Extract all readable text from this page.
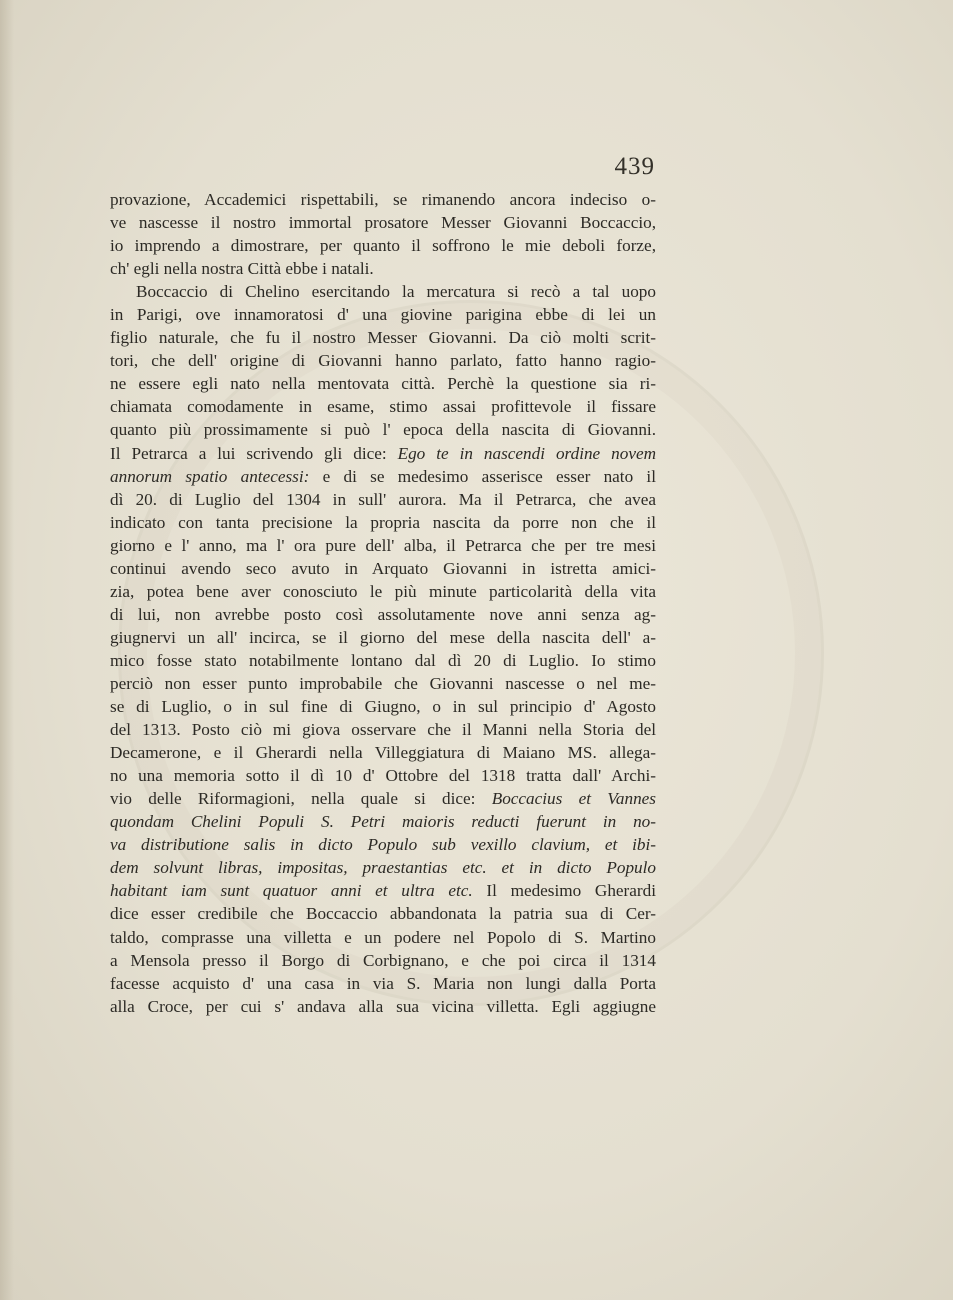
439
provazione, Accademici rispettabili, se rimanendo ancora indeciso o-
ve nascesse il nostro immortal prosatore Messer Giovanni Boccaccio,
io imprendo a dimostrare, per quanto il soffrono le mie deboli forze,
ch' egli nella nostra Città ebbe i natali.
Boccaccio di Chelino esercitando la mercatura si recò a tal uopo
in Parigi, ove innamoratosi d' una giovine parigina ebbe di lei un
figlio naturale, che fu il nostro Messer Giovanni. Da ciò molti scrit-
tori, che dell' origine di Giovanni hanno parlato, fatto hanno ragio-
ne essere egli nato nella mentovata città. Perchè la questione sia ri-
chiamata comodamente in esame, stimo assai profittevole il fissare
quanto più prossimamente si può l' epoca della nascita di Giovanni.
Il Petrarca a lui scrivendo gli dice: Ego te in nascendi ordine novem
annorum spatio antecessi: e di se medesimo asserisce esser nato il
dì 20. di Luglio del 1304 in sull' aurora. Ma il Petrarca, che avea
indicato con tanta precisione la propria nascita da porre non che il
giorno e l' anno, ma l' ora pure dell' alba, il Petrarca che per tre mesi
continui avendo seco avuto in Arquato Giovanni in istretta amici-
zia, potea bene aver conosciuto le più minute particolarità della vita
di lui, non avrebbe posto così assolutamente nove anni senza ag-
giugnervi un all' incirca, se il giorno del mese della nascita dell' a-
mico fosse stato notabilmente lontano dal dì 20 di Luglio. Io stimo
perciò non esser punto improbabile che Giovanni nascesse o nel me-
se di Luglio, o in sul fine di Giugno, o in sul principio d' Agosto
del 1313. Posto ciò mi giova osservare che il Manni nella Storia del
Decamerone, e il Gherardi nella Villeggiatura di Maiano MS. allega-
no una memoria sotto il dì 10 d' Ottobre del 1318 tratta dall' Archi-
vio delle Riformagioni, nella quale si dice: Boccacius et Vannes
quondam Chelini Populi S. Petri maioris reducti fuerunt in no-
va distributione salis in dicto Populo sub vexillo clavium, et ibi-
dem solvunt libras, impositas, praestantias etc. et in dicto Populo
habitant iam sunt quatuor anni et ultra etc. Il medesimo Gherardi
dice esser credibile che Boccaccio abbandonata la patria sua di Cer-
taldo, comprasse una villetta e un podere nel Popolo di S. Martino
a Mensola presso il Borgo di Corbignano, e che poi circa il 1314
facesse acquisto d' una casa in via S. Maria non lungi dalla Porta
alla Croce, per cui s' andava alla sua vicina villetta. Egli aggiugne
